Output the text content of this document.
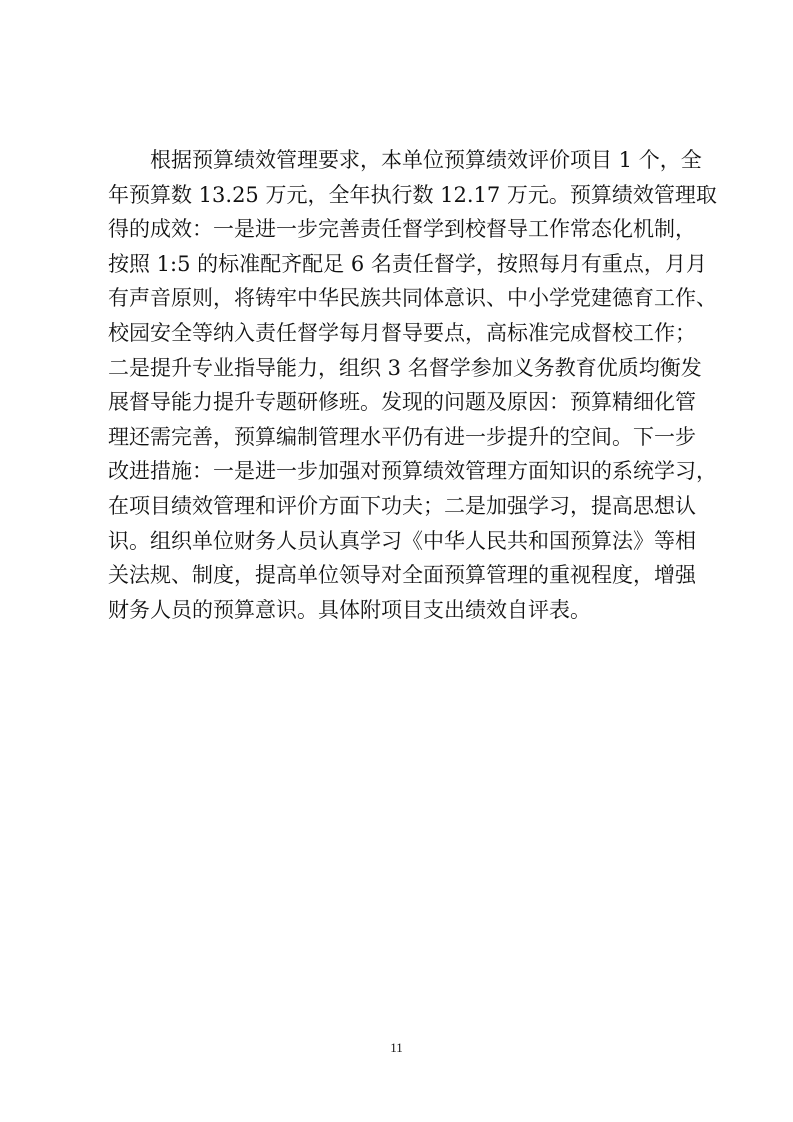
　　根据预算绩效管理要求，本单位预算绩效评价项目 1 个，全
年预算数 13.25 万元，全年执行数 12.17 万元。预算绩效管理取
得的成效：一是进一步完善责任督学到校督导工作常态化机制，
按照 1:5 的标准配齐配足 6 名责任督学，按照每月有重点，月月
有声音原则，将铸牢中华民族共同体意识、中小学党建德育工作、
校园安全等纳入责任督学每月督导要点，高标准完成督校工作；
二是提升专业指导能力，组织 3 名督学参加义务教育优质均衡发
展督导能力提升专题研修班。发现的问题及原因：预算精细化管
理还需完善，预算编制管理水平仍有进一步提升的空间。下一步
改进措施：一是进一步加强对预算绩效管理方面知识的系统学习，
在项目绩效管理和评价方面下功夫；二是加强学习，提高思想认
识。组织单位财务人员认真学习《中华人民共和国预算法》等相
关法规、制度，提高单位领导对全面预算管理的重视程度，增强
财务人员的预算意识。具体附项目支出绩效自评表。
11
